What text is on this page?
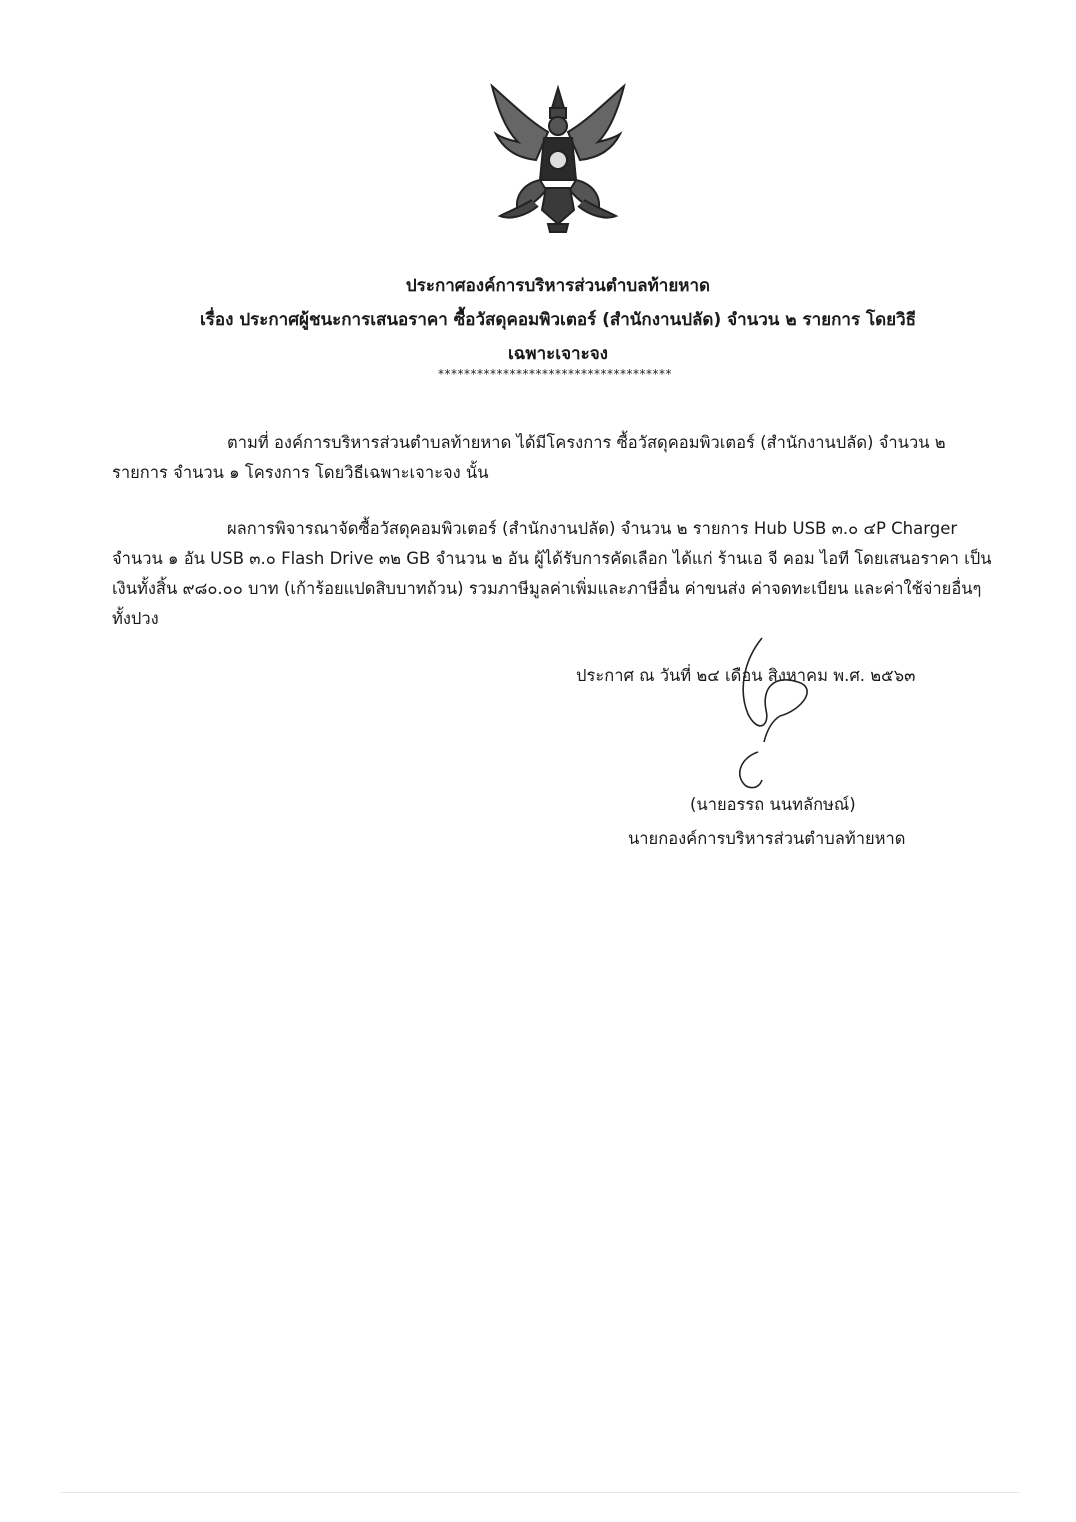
ประกาศองค์การบริหารส่วนตำบลท้ายหาด
เรื่อง ประกาศผู้ชนะการเสนอราคา ซื้อวัสดุคอมพิวเตอร์ (สำนักงานปลัด) จำนวน ๒ รายการ โดยวิธี
เฉพาะเจาะจง
************************************
ตามที่ องค์การบริหารส่วนตำบลท้ายหาด ได้มีโครงการ ซื้อวัสดุคอมพิวเตอร์ (สำนักงานปลัด) จำนวน ๒ รายการ จำนวน ๑ โครงการ โดยวิธีเฉพาะเจาะจง นั้น
ผลการพิจารณาจัดซื้อวัสดุคอมพิวเตอร์ (สำนักงานปลัด) จำนวน ๒ รายการ Hub USB ๓.๐ ๔P Charger จำนวน ๑ อัน USB ๓.๐ Flash Drive ๓๒ GB จำนวน ๒ อัน ผู้ได้รับการคัดเลือก ได้แก่ ร้านเอ จี คอม ไอที โดยเสนอราคา เป็นเงินทั้งสิ้น ๙๘๐.๐๐ บาท (เก้าร้อยแปดสิบบาทถ้วน) รวมภาษีมูลค่าเพิ่มและภาษีอื่น ค่าขนส่ง ค่าจดทะเบียน และค่าใช้จ่ายอื่นๆ ทั้งปวง
ประกาศ ณ วันที่ ๒๔ เดือน สิงหาคม พ.ศ. ๒๕๖๓
(นายอรรถ นนทลักษณ์)
นายกองค์การบริหารส่วนตำบลท้ายหาด
